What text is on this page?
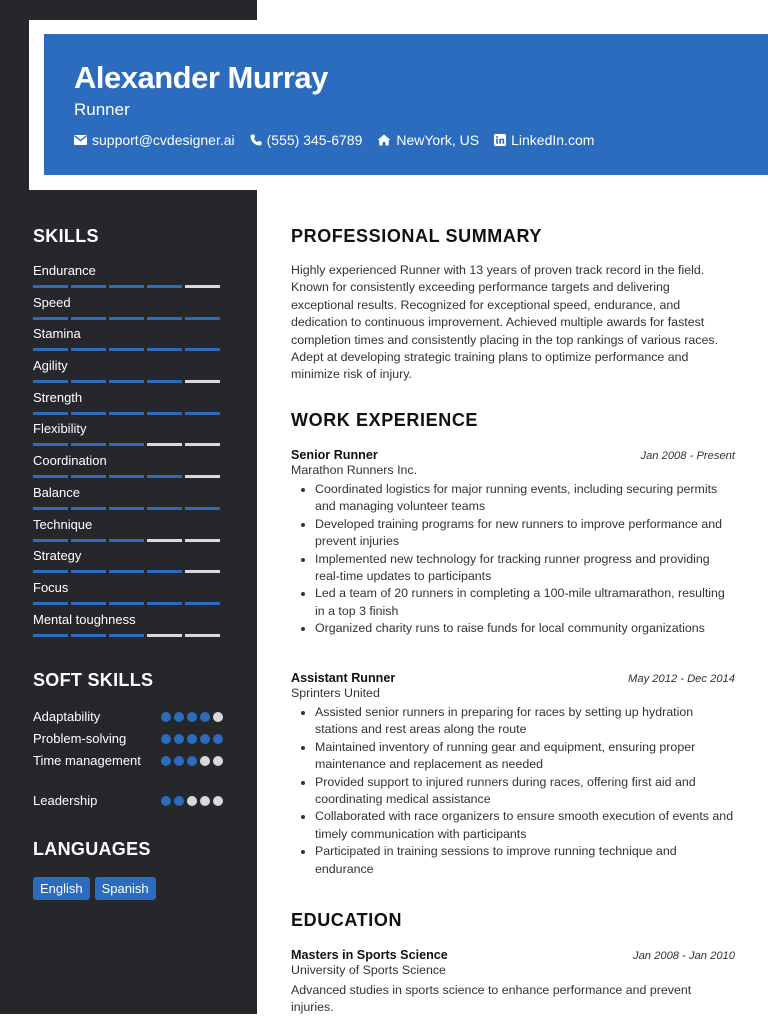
Alexander Murray
Runner
support@cvdesigner.ai (555) 345-6789 NewYork, US LinkedIn.com
SKILLS
Endurance
Speed
Stamina
Agility
Strength
Flexibility
Coordination
Balance
Technique
Strategy
Focus
Mental toughness
SOFT SKILLS
Adaptability
Problem-solving
Time management
Leadership
LANGUAGES
English	Spanish
PROFESSIONAL SUMMARY
Highly experienced Runner with 13 years of proven track record in the field. Known for consistently exceeding performance targets and delivering exceptional results. Recognized for exceptional speed, endurance, and dedication to continuous improvement. Achieved multiple awards for fastest completion times and consistently placing in the top rankings of various races. Adept at developing strategic training plans to optimize performance and minimize risk of injury.
WORK EXPERIENCE
Senior Runner	Jan 2008 - Present
Marathon Runners Inc.
• Coordinated logistics for major running events, including securing permits and managing volunteer teams
• Developed training programs for new runners to improve performance and prevent injuries
• Implemented new technology for tracking runner progress and providing real-time updates to participants
• Led a team of 20 runners in completing a 100-mile ultramarathon, resulting in a top 3 finish
• Organized charity runs to raise funds for local community organizations
Assistant Runner	May 2012 - Dec 2014
Sprinters United
• Assisted senior runners in preparing for races by setting up hydration stations and rest areas along the route
• Maintained inventory of running gear and equipment, ensuring proper maintenance and replacement as needed
• Provided support to injured runners during races, offering first aid and coordinating medical assistance
• Collaborated with race organizers to ensure smooth execution of events and timely communication with participants
• Participated in training sessions to improve running technique and endurance
EDUCATION
Masters in Sports Science	Jan 2008 - Jan 2010
University of Sports Science
Advanced studies in sports science to enhance performance and prevent injuries.
